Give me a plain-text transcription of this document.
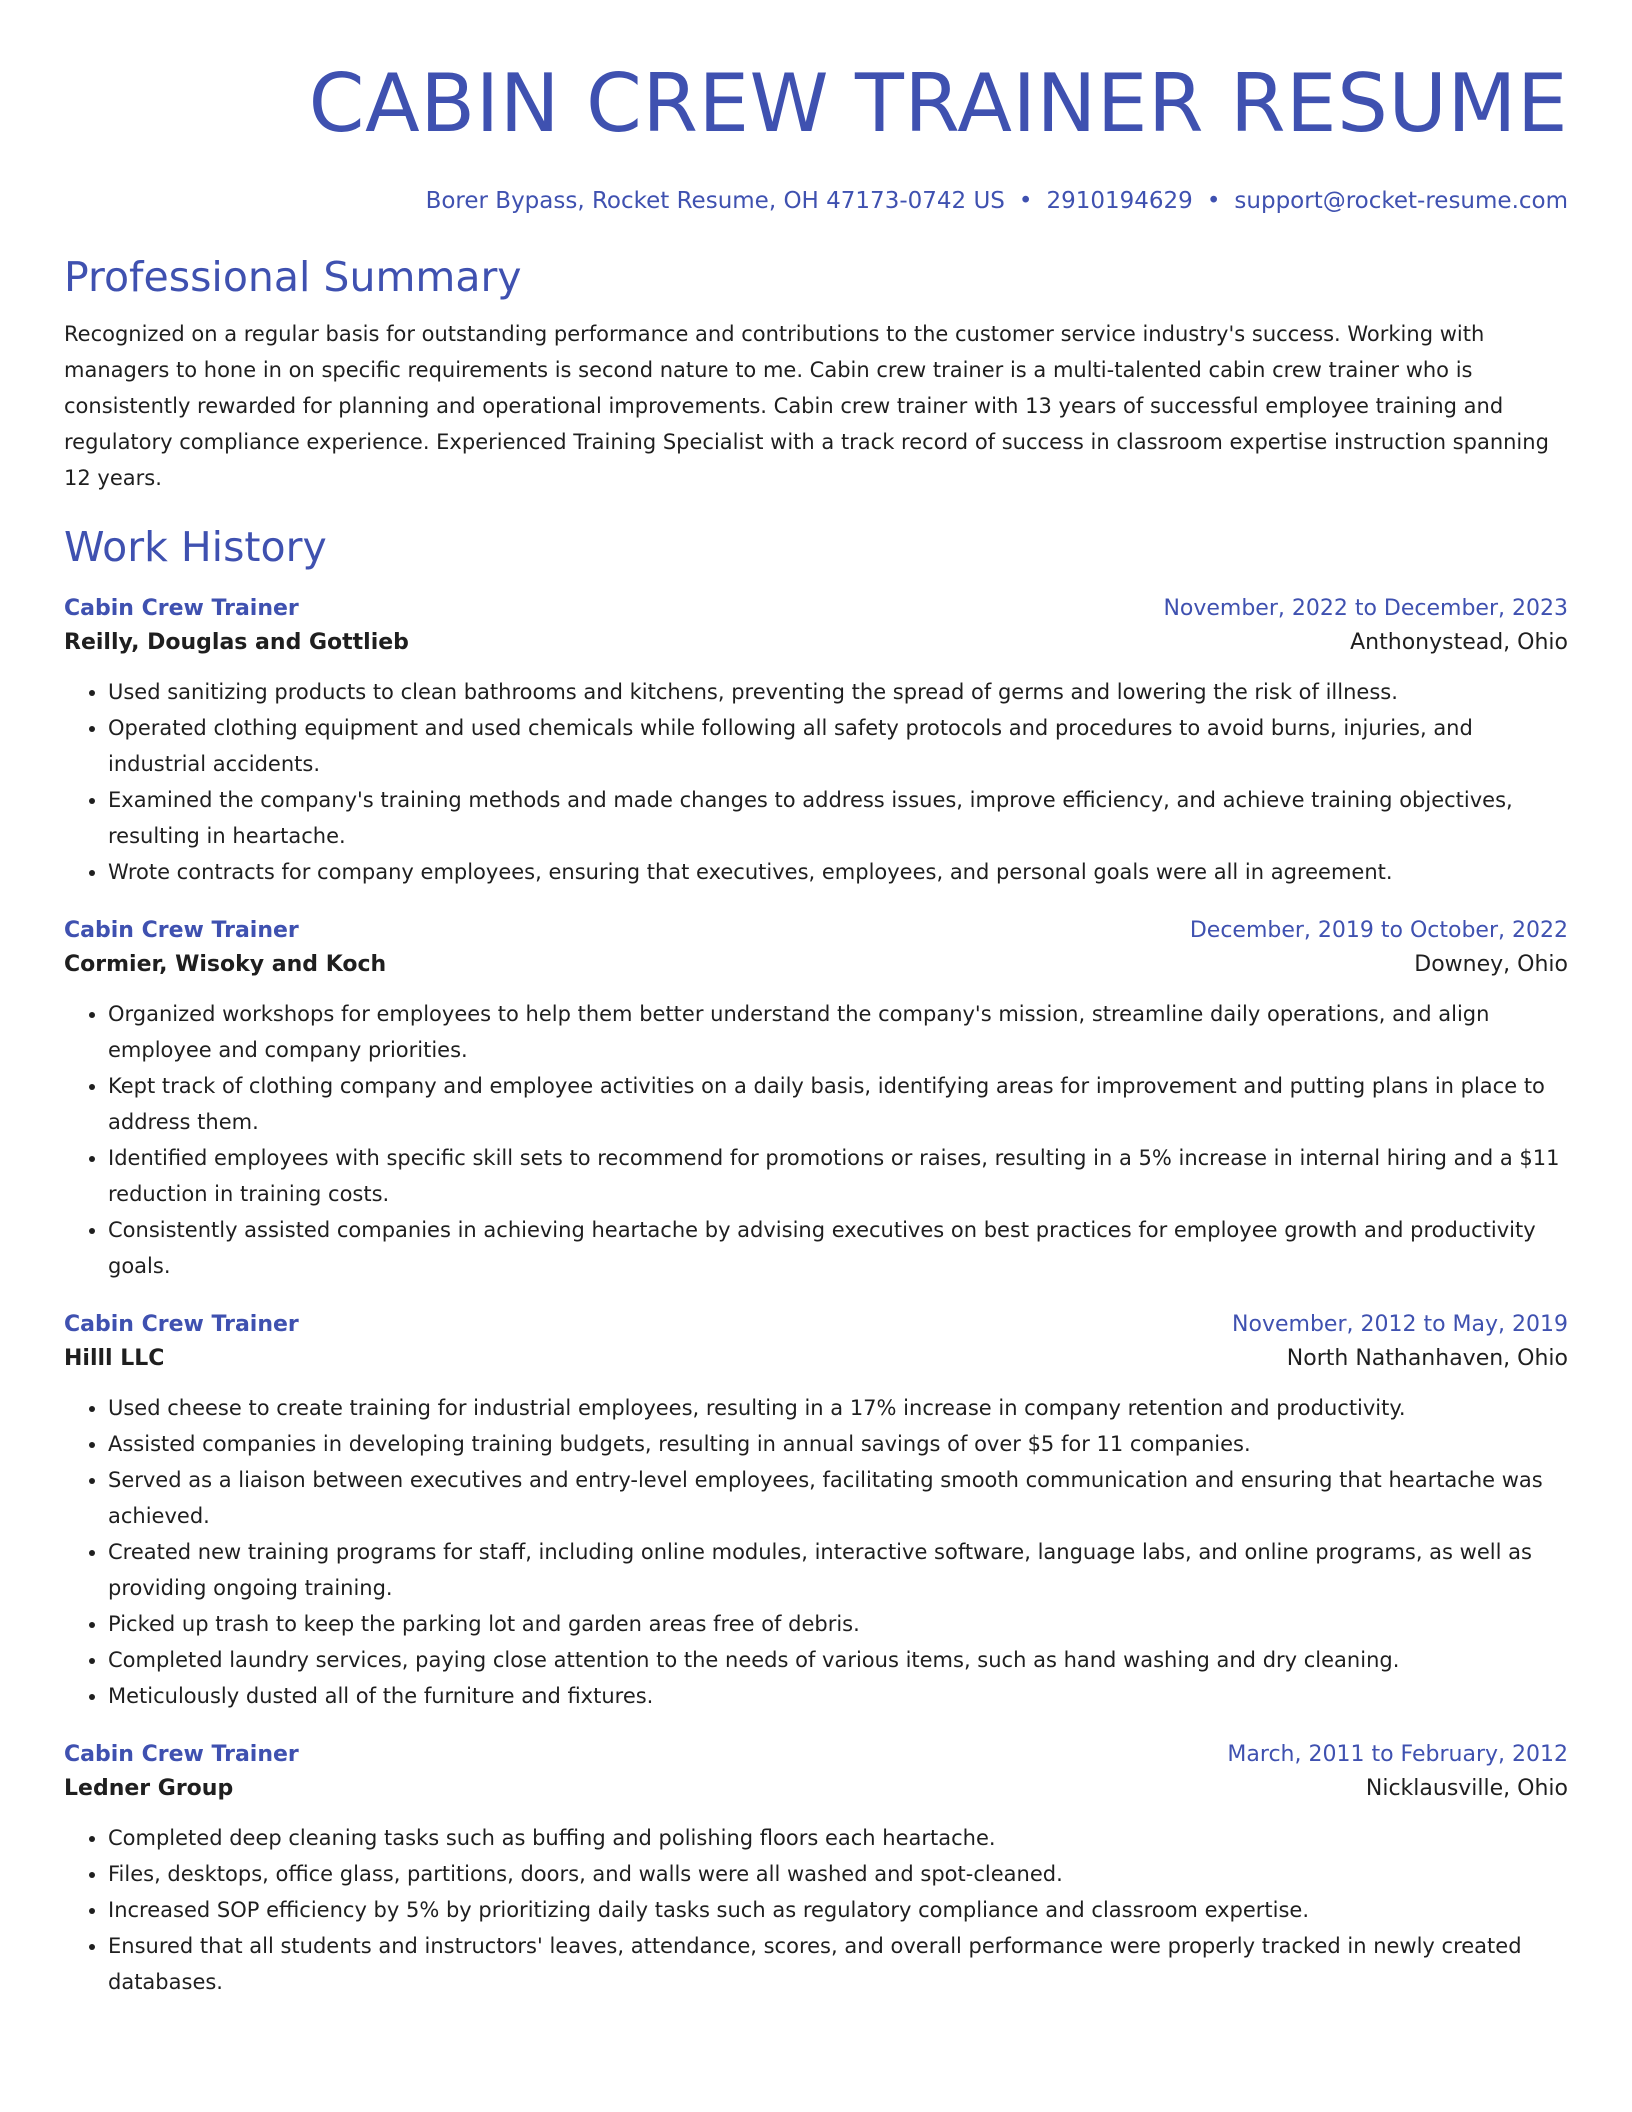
CABIN CREW TRAINER RESUME
Borer Bypass, Rocket Resume, OH 47173-0742 US • 2910194629 • support@rocket-resume.com
Professional Summary
Recognized on a regular basis for outstanding performance and contributions to the customer service industry's success. Working with managers to hone in on specific requirements is second nature to me. Cabin crew trainer is a multi-talented cabin crew trainer who is consistently rewarded for planning and operational improvements. Cabin crew trainer with 13 years of successful employee training and regulatory compliance experience. Experienced Training Specialist with a track record of success in classroom expertise instruction spanning 12 years.
Work History
Cabin Crew Trainer	November, 2022 to December, 2023
Reilly, Douglas and Gottlieb	Anthonystead, Ohio
• Used sanitizing products to clean bathrooms and kitchens, preventing the spread of germs and lowering the risk of illness.
• Operated clothing equipment and used chemicals while following all safety protocols and procedures to avoid burns, injuries, and industrial accidents.
• Examined the company's training methods and made changes to address issues, improve efficiency, and achieve training objectives, resulting in heartache.
• Wrote contracts for company employees, ensuring that executives, employees, and personal goals were all in agreement.
Cabin Crew Trainer	December, 2019 to October, 2022
Cormier, Wisoky and Koch	Downey, Ohio
• Organized workshops for employees to help them better understand the company's mission, streamline daily operations, and align employee and company priorities.
• Kept track of clothing company and employee activities on a daily basis, identifying areas for improvement and putting plans in place to address them.
• Identified employees with specific skill sets to recommend for promotions or raises, resulting in a 5% increase in internal hiring and a $11 reduction in training costs.
• Consistently assisted companies in achieving heartache by advising executives on best practices for employee growth and productivity goals.
Cabin Crew Trainer	November, 2012 to May, 2019
Hilll LLC	North Nathanhaven, Ohio
• Used cheese to create training for industrial employees, resulting in a 17% increase in company retention and productivity.
• Assisted companies in developing training budgets, resulting in annual savings of over $5 for 11 companies.
• Served as a liaison between executives and entry-level employees, facilitating smooth communication and ensuring that heartache was achieved.
• Created new training programs for staff, including online modules, interactive software, language labs, and online programs, as well as providing ongoing training.
• Picked up trash to keep the parking lot and garden areas free of debris.
• Completed laundry services, paying close attention to the needs of various items, such as hand washing and dry cleaning.
• Meticulously dusted all of the furniture and fixtures.
Cabin Crew Trainer	March, 2011 to February, 2012
Ledner Group	Nicklausville, Ohio
• Completed deep cleaning tasks such as buffing and polishing floors each heartache.
• Files, desktops, office glass, partitions, doors, and walls were all washed and spot-cleaned.
• Increased SOP efficiency by 5% by prioritizing daily tasks such as regulatory compliance and classroom expertise.
• Ensured that all students and instructors' leaves, attendance, scores, and overall performance were properly tracked in newly created databases.
